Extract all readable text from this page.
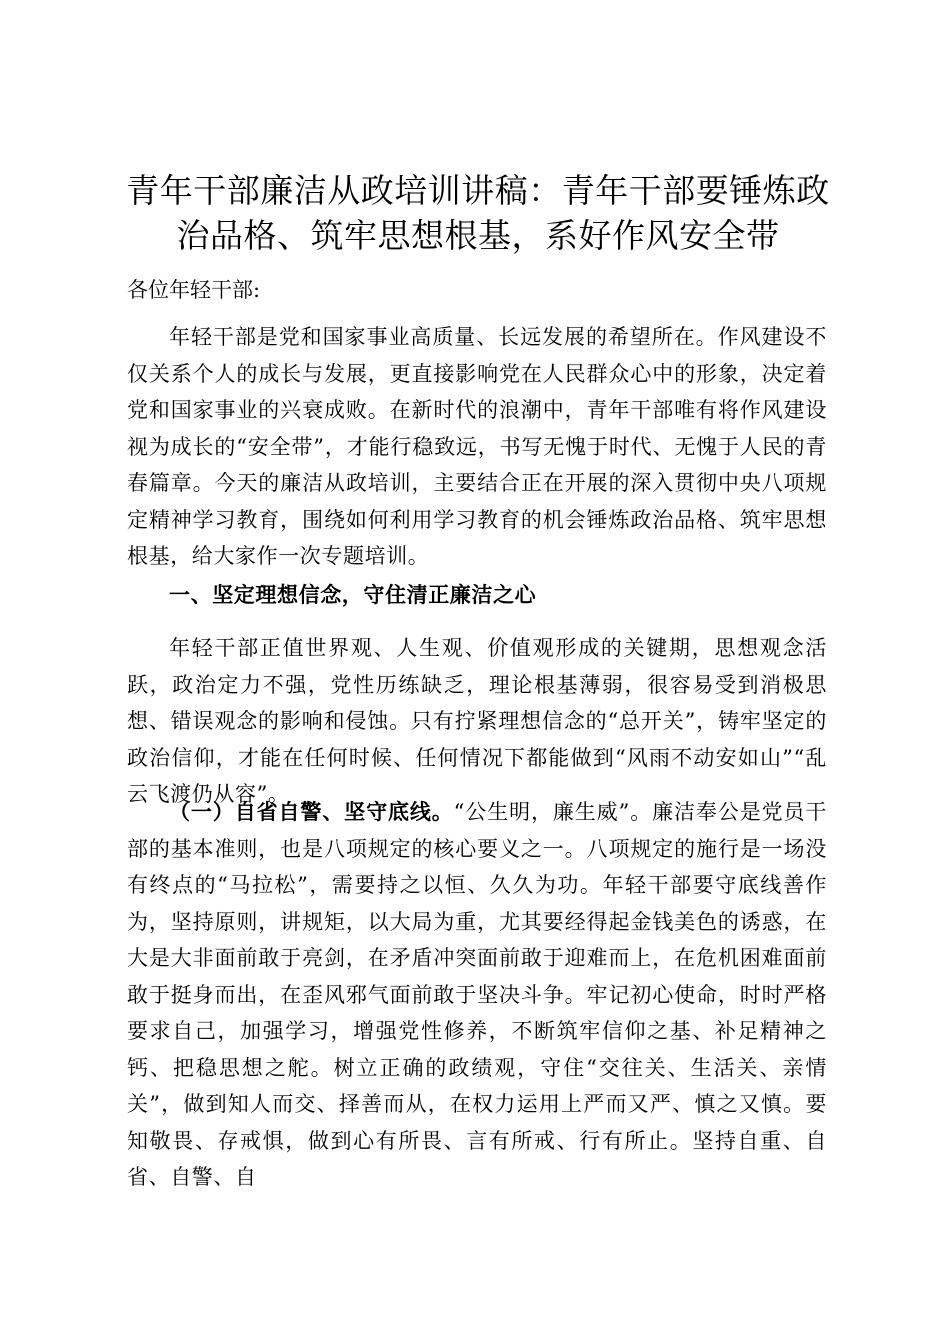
青年干部廉洁从政培训讲稿：青年干部要锤炼政治品格、筑牢思想根基，系好作风安全带

各位年轻干部:

年轻干部是党和国家事业高质量、长远发展的希望所在。作风建设不仅关系个人的成长与发展，更直接影响党在人民群众心中的形象，决定着党和国家事业的兴衰成败。在新时代的浪潮中，青年干部唯有将作风建设视为成长的“安全带”，才能行稳致远，书写无愧于时代、无愧于人民的青春篇章。今天的廉洁从政培训，主要结合正在开展的深入贯彻中央八项规定精神学习教育，围绕如何利用学习教育的机会锤炼政治品格、筑牢思想根基，给大家作一次专题培训。

一、坚定理想信念，守住清正廉洁之心

年轻干部正值世界观、人生观、价值观形成的关键期，思想观念活跃，政治定力不强，党性历练缺乏，理论根基薄弱，很容易受到消极思想、错误观念的影响和侵蚀。只有拧紧理想信念的“总开关”，铸牢坚定的政治信仰，才能在任何时候、任何情况下都能做到“风雨不动安如山”“乱云飞渡仍从容”。

（一）自省自警、坚守底线。“公生明，廉生威”。廉洁奉公是党员干部的基本准则，也是八项规定的核心要义之一。八项规定的施行是一场没有终点的“马拉松”，需要持之以恒、久久为功。年轻干部要守底线善作为，坚持原则，讲规矩，以大局为重，尤其要经得起金钱美色的诱惑，在大是大非面前敢于亮剑，在矛盾冲突面前敢于迎难而上，在危机困难面前敢于挺身而出，在歪风邪气面前敢于坚决斗争。牢记初心使命，时时严格要求自己，加强学习，增强党性修养，不断筑牢信仰之基、补足精神之钙、把稳思想之舵。树立正确的政绩观，守住“交往关、生活关、亲情关”，做到知人而交、择善而从，在权力运用上严而又严、慎之又慎。要知敬畏、存戒惧，做到心有所畏、言有所戒、行有所止。坚持自重、自省、自警、自
